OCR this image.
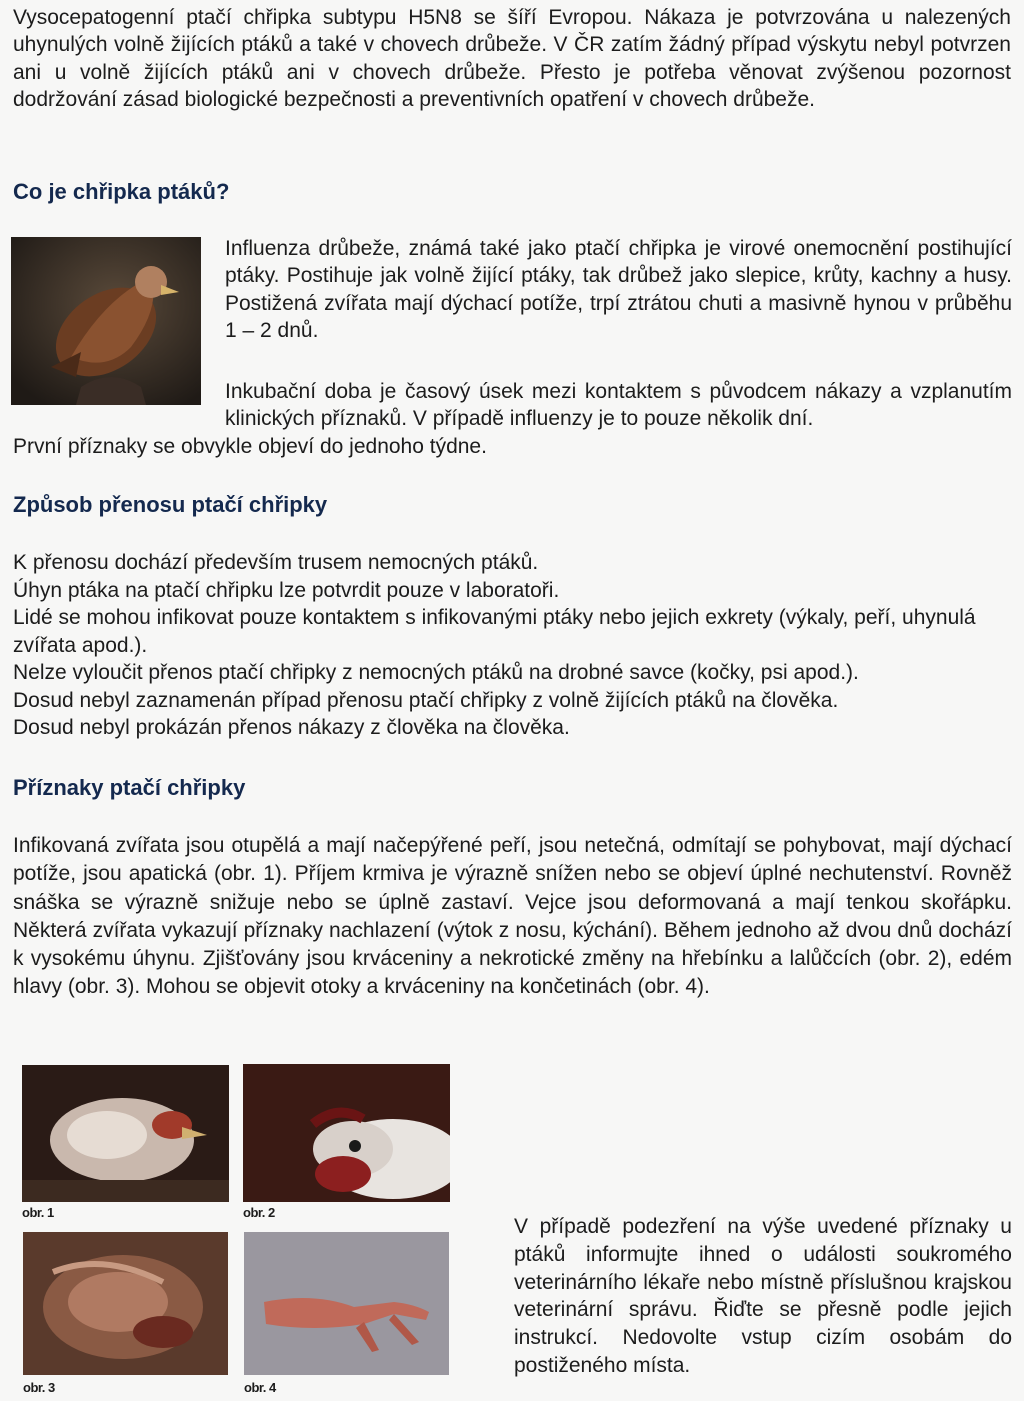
Vysocepatogenní ptačí chřipka subtypu H5N8 se šíří Evropou. Nákaza je potvrzována u nalezených uhynulých volně žijících ptáků a také v chovech drůbeže. V ČR zatím žádný případ výskytu nebyl potvrzen ani u volně žijících ptáků ani v chovech drůbeže. Přesto je potřeba věnovat zvýšenou pozornost dodržování zásad biologické bezpečnosti a preventivních opatření v chovech drůbeže.

Co je chřipka ptáků?

Influenza drůbeže, známá také jako ptačí chřipka je virové onemocnění postihující ptáky. Postihuje jak volně žijící ptáky, tak drůbež jako slepice, krůty, kachny a husy. Postižená zvířata mají dýchací potíže, trpí ztrátou chuti a masivně hynou v průběhu 1 – 2 dnů.

Inkubační doba je časový úsek mezi kontaktem s původcem nákazy a vzplanutím klinických příznaků. V případě influenzy je to pouze několik dní.

První příznaky se obvykle objeví do jednoho týdne.

Způsob přenosu ptačí chřipky

K přenosu dochází především trusem nemocných ptáků.

Úhyn ptáka na ptačí chřipku lze potvrdit pouze v laboratoři.

Lidé se mohou infikovat pouze kontaktem s infikovanými ptáky nebo jejich exkrety (výkaly, peří, uhynulá zvířata apod.).

Nelze vyloučit přenos ptačí chřipky z nemocných ptáků na drobné savce (kočky, psi apod.).

Dosud nebyl zaznamenán případ přenosu ptačí chřipky z volně žijících ptáků na člověka.

Dosud nebyl prokázán přenos nákazy z člověka na člověka.

Příznaky ptačí chřipky

Infikovaná zvířata jsou otupělá a mají načepýřené peří, jsou netečná, odmítají se pohybovat, mají dýchací potíže, jsou apatická (obr. 1). Příjem krmiva je výrazně snížen nebo se objeví úplné nechutenství. Rovněž snáška se výrazně snižuje nebo se úplně zastaví. Vejce jsou deformovaná a mají tenkou skořápku. Některá zvířata vykazují příznaky nachlazení (výtok z nosu, kýchání). Během jednoho až dvou dnů dochází k vysokému úhynu. Zjišťovány jsou krváceniny a nekrotické změny na hřebínku a lalůčcích (obr. 2), edém hlavy (obr. 3). Mohou se objevit otoky a krváceniny na končetinách (obr. 4).

obr. 1	obr. 2
obr. 3	obr. 4

V případě podezření na výše uvedené příznaky u ptáků informujte ihned o události soukromého veterinárního lékaře nebo místně příslušnou krajskou veterinární správu. Řiďte se přesně podle jejich instrukcí. Nedovolte vstup cizím osobám do postiženého místa.
